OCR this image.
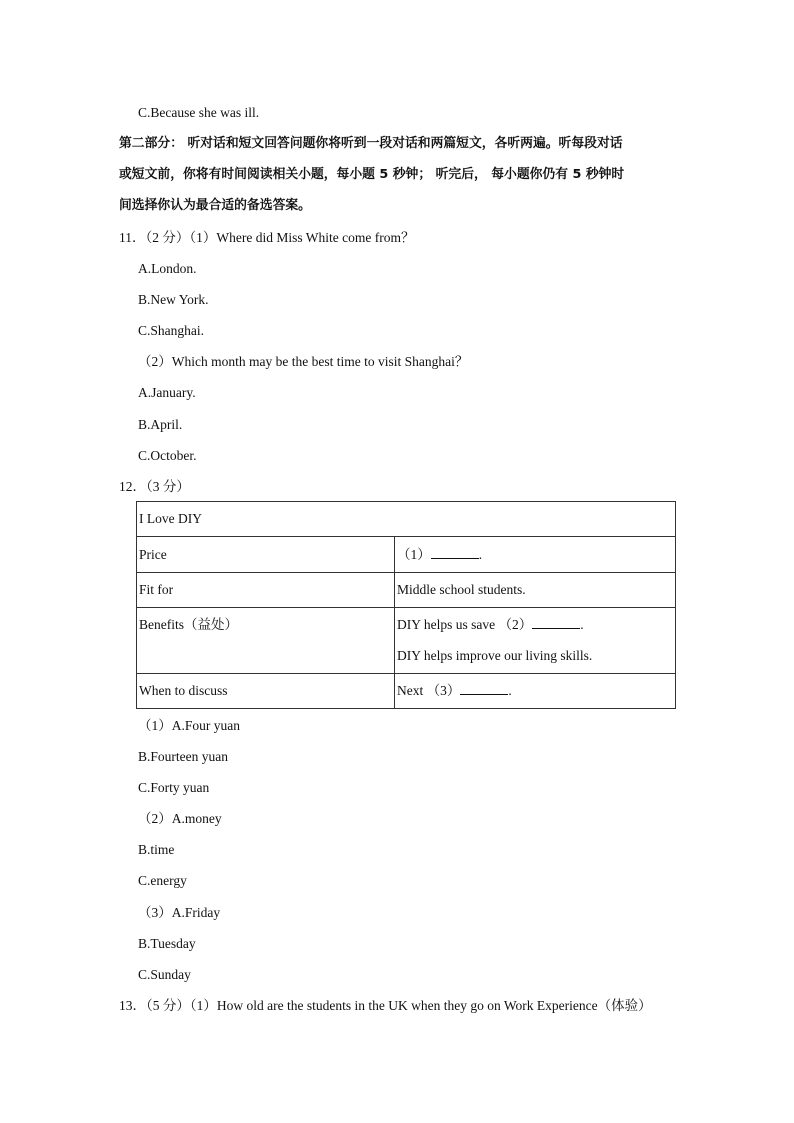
C.Because she was ill.
第二部分： 听对话和短文回答问题你将听到一段对话和两篇短文，各听两遍。听每段对话
或短文前，你将有时间阅读相关小题，每小题 5 秒钟； 听完后， 每小题你仍有 5 秒钟时
间选择你认为最合适的备选答案。
11．（2 分）（1）Where did Miss White come from？
A.London.
B.New York.
C.Shanghai.
（2）Which month may be the best time to visit Shanghai？
A.January.
B.April.
C.October.
12．（3 分）
I Love DIY	
Price	（1） .
Fit for	Middle school students.
Benefits（益处）	DIY helps us save （2） .
DIY helps improve our living skills.

When to discuss	Next （3） .
（1）A.Four yuan
B.Fourteen yuan
C.Forty yuan
（2）A.money
B.time
C.energy
（3）A.Friday
B.Tuesday
C.Sunday
13．（5 分）（1）How old are the students in the UK when they go on Work Experience（体验）
